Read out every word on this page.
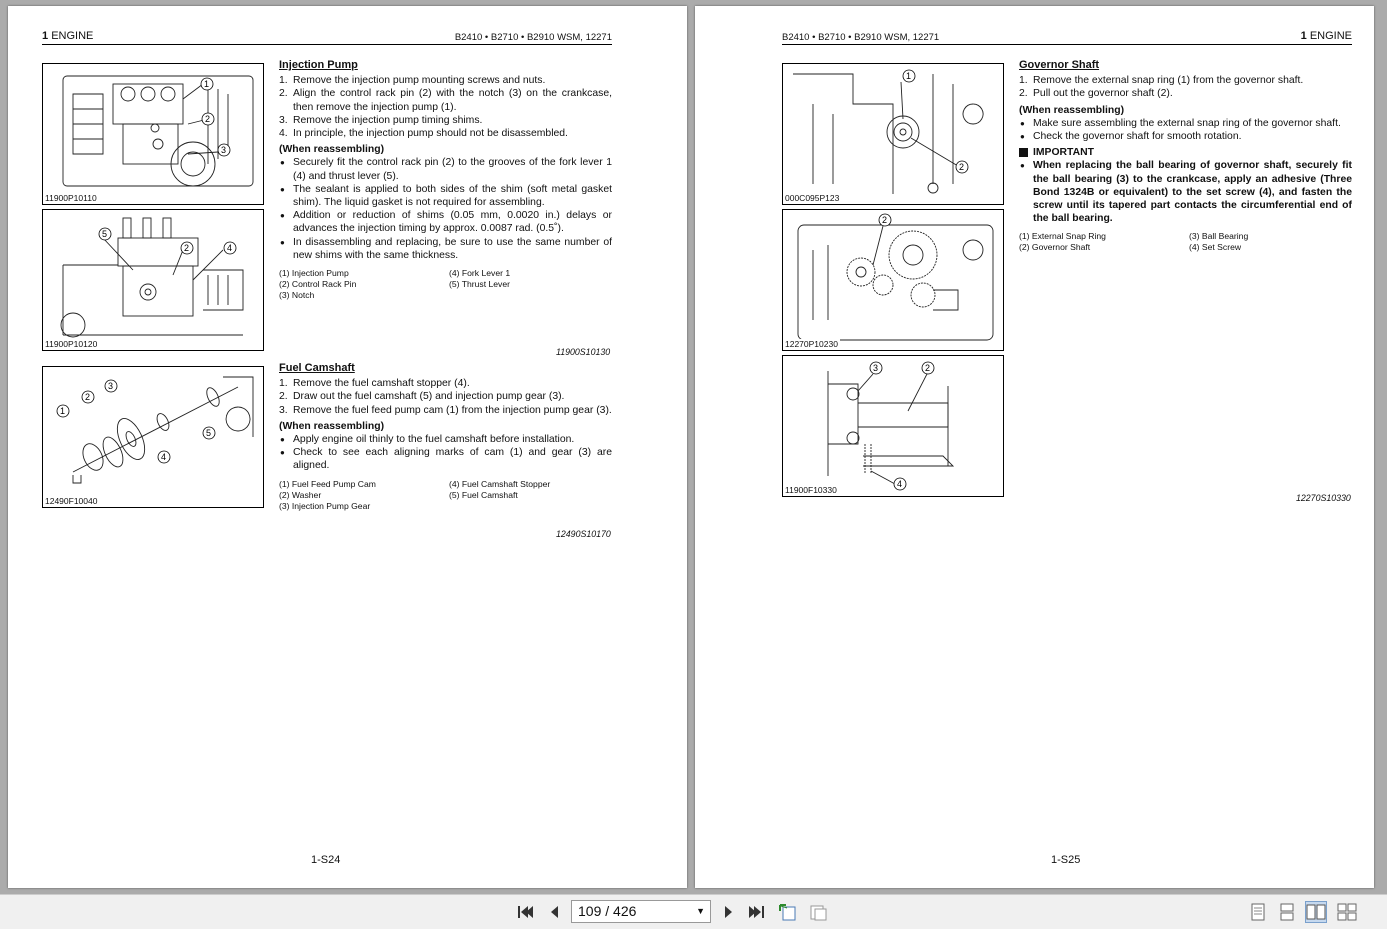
1 ENGINE	B2410 • B2710 • B2910 WSM, 12271
1
2
3
11900P10110
5
2	4
11900P10120
1
2
3
4
5
12490F10040
Injection Pump
1. Remove the injection pump mounting screws and nuts.
2. Align the control rack pin (2) with the notch (3) on the crankcase, then remove the injection pump (1).
3. Remove the injection pump timing shims.
4. In principle, the injection pump should not be disassembled.
(When reassembling)
● Securely fit the control rack pin (2) to the grooves of the fork lever 1 (4) and thrust lever (5).
● The sealant is applied to both sides of the shim (soft metal gasket shim). The liquid gasket is not required for assembling.
● Addition or reduction of shims (0.05 mm, 0.0020 in.) delays or advances the injection timing by approx. 0.0087 rad. (0.5˚).
● In disassembling and replacing, be sure to use the same number of new shims with the same thickness.
(1) Injection Pump	(4) Fork Lever 1
(2) Control Rack Pin	(5) Thrust Lever
(3) Notch
11900S10130
Fuel Camshaft
1. Remove the fuel camshaft stopper (4).
2. Draw out the fuel camshaft (5) and injection pump gear (3).
3. Remove the fuel feed pump cam (1) from the injection pump gear (3).
(When reassembling)
● Apply engine oil thinly to the fuel camshaft before installation.
● Check to see each aligning marks of cam (1) and gear (3) are aligned.
(1) Fuel Feed Pump Cam	(4) Fuel Camshaft Stopper
(2) Washer	(5) Fuel Camshaft
(3) Injection Pump Gear
12490S10170
1-S24
B2410 • B2710 • B2910 WSM, 12271	1 ENGINE
1
2
000C095P123
2
12270P10230
3	2
4
11900F10330
Governor Shaft
1. Remove the external snap ring (1) from the governor shaft.
2. Pull out the governor shaft (2).
(When reassembling)
● Make sure assembling the external snap ring of the governor shaft.
● Check the governor shaft for smooth rotation.
IMPORTANT
● When replacing the ball bearing of governor shaft, securely fit the ball bearing (3) to the crankcase, apply an adhesive (Three Bond 1324B or equivalent) to the set screw (4), and fasten the screw until its tapered part contacts the circumferential end of the ball bearing.
(1) External Snap Ring	(3) Ball Bearing
(2) Governor Shaft	(4) Set Screw
12270S10330
1-S25
109 / 426	▼
